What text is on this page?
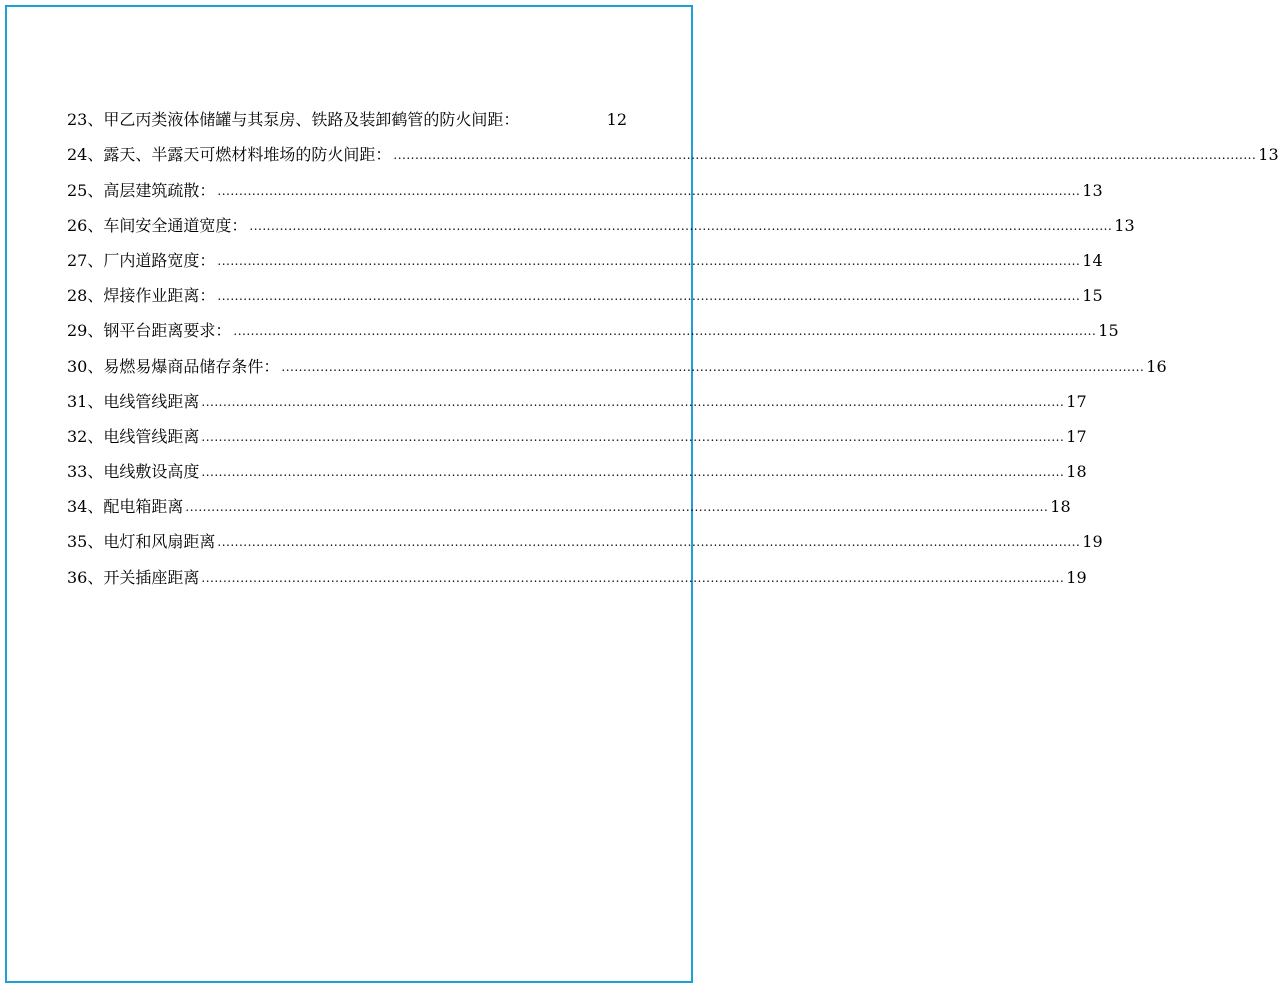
23、甲乙丙类液体储罐与其泵房、铁路及装卸鹤管的防火间距：	12
24、露天、半露天可燃材料堆场的防火间距： ........................................................................................................................................................................................................ 13
25、高层建筑疏散： ........................................................................................................................................................................................................ 13
26、车间安全通道宽度： ........................................................................................................................................................................................................ 13
27、厂内道路宽度： ........................................................................................................................................................................................................ 14
28、焊接作业距离： ........................................................................................................................................................................................................ 15
29、钢平台距离要求： ........................................................................................................................................................................................................ 15
30、易燃易爆商品储存条件： ........................................................................................................................................................................................................ 16
31、电线管线距离 ........................................................................................................................................................................................................ 17
32、电线管线距离 ........................................................................................................................................................................................................ 17
33、电线敷设高度 ........................................................................................................................................................................................................ 18
34、配电箱距离 ........................................................................................................................................................................................................ 18
35、电灯和风扇距离 ........................................................................................................................................................................................................ 19
36、开关插座距离 ........................................................................................................................................................................................................ 19
